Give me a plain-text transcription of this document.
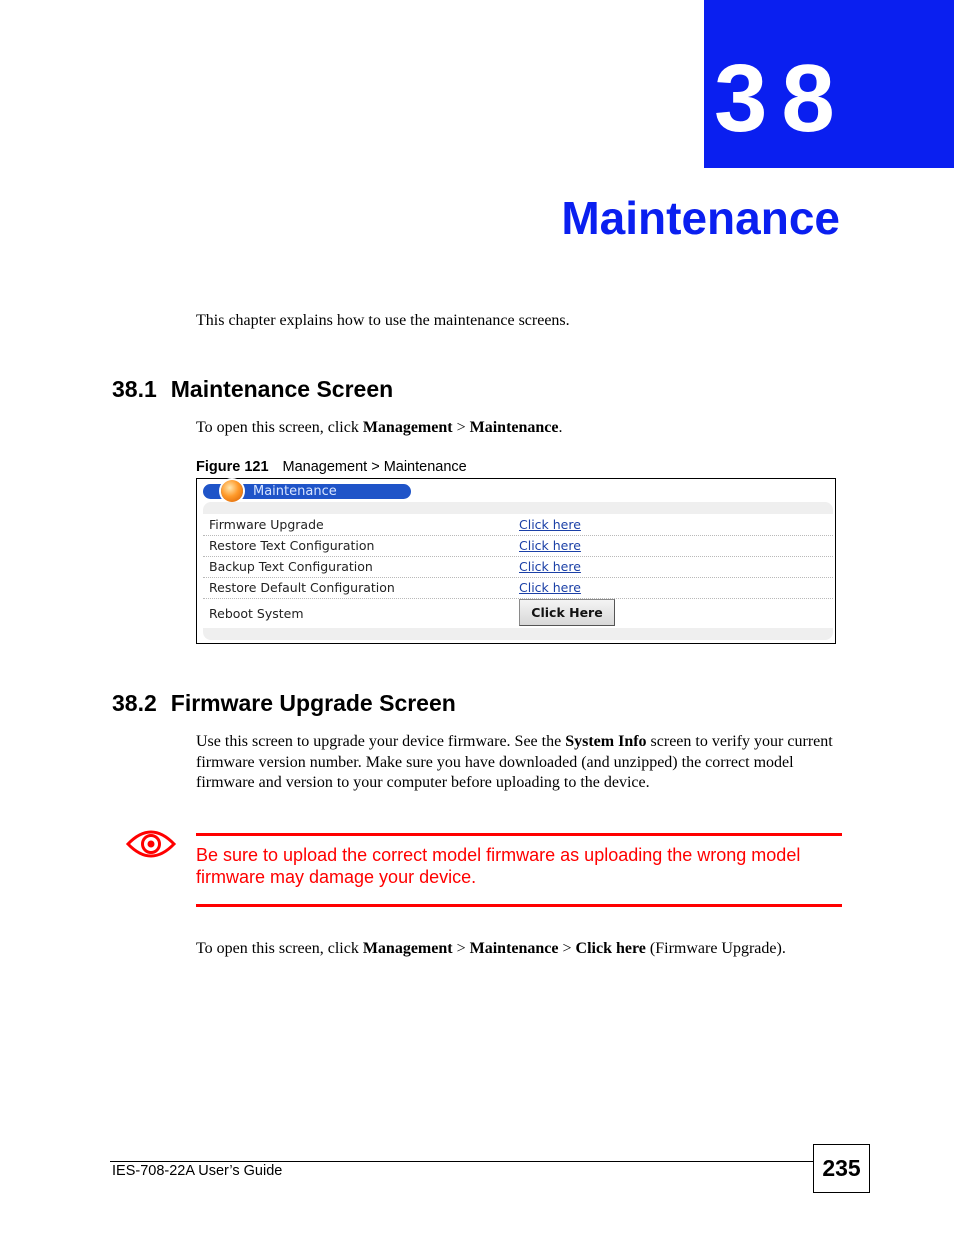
38
Maintenance
This chapter explains how to use the maintenance screens.
38.1 Maintenance Screen
To open this screen, click Management > Maintenance.
Figure 121 Management > Maintenance
Maintenance
Firmware Upgrade	Click here
Restore Text Configuration	Click here
Backup Text Configuration	Click here
Restore Default Configuration	Click here
Reboot System	Click Here
38.2 Firmware Upgrade Screen
Use this screen to upgrade your device firmware. See the System Info screen to verify your current firmware version number. Make sure you have downloaded (and unzipped) the correct model firmware and version to your computer before uploading to the device.
Be sure to upload the correct model firmware as uploading the wrong model firmware may damage your device.
To open this screen, click Management > Maintenance > Click here (Firmware Upgrade).
IES-708-22A User’s Guide	235
